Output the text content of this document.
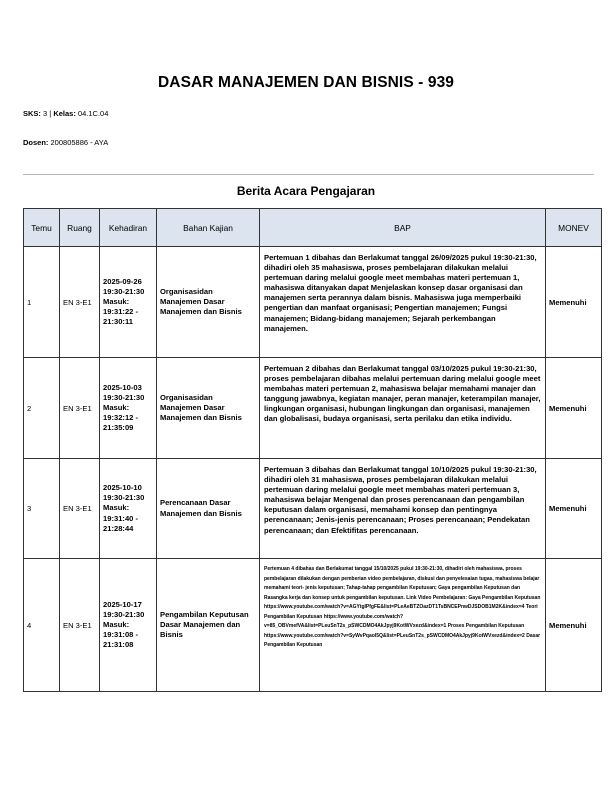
DASAR MANAJEMEN DAN BISNIS - 939
SKS: 3 | Kelas: 04.1C.04
Dosen: 200805886 - AYA
Berita Acara Pengajaran
Temu	Ruang	Kehadiran	Bahan Kajian	BAP	MONEV
1	EN 3-E1	2025-09-26 19:30-21:30 Masuk: 19:31:22 - 21:30:11	Organisasidan Manajemen Dasar Manajemen dan Bisnis	Pertemuan 1 dibahas dan Berlakumat tanggal 26/09/2025 pukul 19:30-21:30, dihadiri oleh 35 mahasiswa, proses pembelajaran dilakukan melalui pertemuan daring melalui google meet membahas materi pertemuan 1, mahasiswa ditanyakan dapat Menjelaskan konsep dasar organisasi dan manajemen serta perannya dalam bisnis. Mahasiswa juga memperbaiki pengertian dan manfaat organisasi; Pengertian manajemen; Fungsi manajemen; Bidang-bidang manajemen; Sejarah perkembangan manajemen.	Memenuhi
2	EN 3-E1	2025-10-03 19:30-21:30 Masuk: 19:32:12 - 21:35:09	Organisasidan Manajemen Dasar Manajemen dan Bisnis	Pertemuan 2 dibahas dan Berlakumat tanggal 03/10/2025 pukul 19:30-21:30, proses pembelajaran dibahas melalui pertemuan daring melalui google meet membahas materi pertemuan 2, mahasiswa belajar memahami manajer dan tanggung jawabnya, kegiatan manajer, peran manajer, keterampilan manajer, lingkungan organisasi, hubungan lingkungan dan organisasi, manajemen dan globalisasi, budaya organisasi, serta perilaku dan etika individu.	Memenuhi
3	EN 3-E1	2025-10-10 19:30-21:30 Masuk: 19:31:40 - 21:28:44	Perencanaan Dasar Manajemen dan Bisnis	Pertemuan 3 dibahas dan Berlakumat tanggal 10/10/2025 pukul 19:30-21:30, dihadiri oleh 31 mahasiswa, proses pembelajaran dilakukan melalui pertemuan daring melalui google meet membahas materi pertemuan 3, mahasiswa belajar Mengenal dan proses perencanaan dan pengambilan keputusan dalam organisasi, memahami konsep dan pentingnya perencanaan; Jenis-jenis perencanaan; Proses perencanaan; Pendekatan perencanaan; dan Efektifitas perencanaan.	Memenuhi
4	EN 3-E1	2025-10-17 19:30-21:30 Masuk: 19:31:08 - 21:31:08	Pengambilan Keputusan Dasar Manajemen dan Bisnis	Pertemuan 4 dibahas dan Berlakumat tanggal 15/10/2025 pukul 19:30-21:30, dihadiri oleh mahasiswa, proses pembelajaran dilakukan dengan pemberian video pembelajaran, diskusi dan penyelesaian tugas, mahasiswa belajar memahami teori- jenis keputusan; Tahap-tahap pengambilan Keputusan; Gaya pengambilan Keputusan dan Rasangka kerja dan konsep untuk pengambilan keputusan. Link Video Pembelajaran: Gaya Pengambilan Keputusan https://www.youtube.com/watch?v=AGYtgIPfgFE&list=PLeAeBTZOazDT1TsBNCEPnwDJSDOB1M2K&index=4 Teori Pengambilan Keputusan https://www.youtube.com/watch?v=85_OBVmefVA&list=PLeuSnT2s_pSWCDMO4AkJpyj9KotWVxezd&index=1 Proses Pengambilan Keputusan https://www.youtube.com/watch?v=SyWvPqaoI5Q&list=PLeuSnT2s_pSWCDMO4AkJpyj9KotWVxezd&index=2 Dasar Pengambilan Keputusan	Memenuhi
